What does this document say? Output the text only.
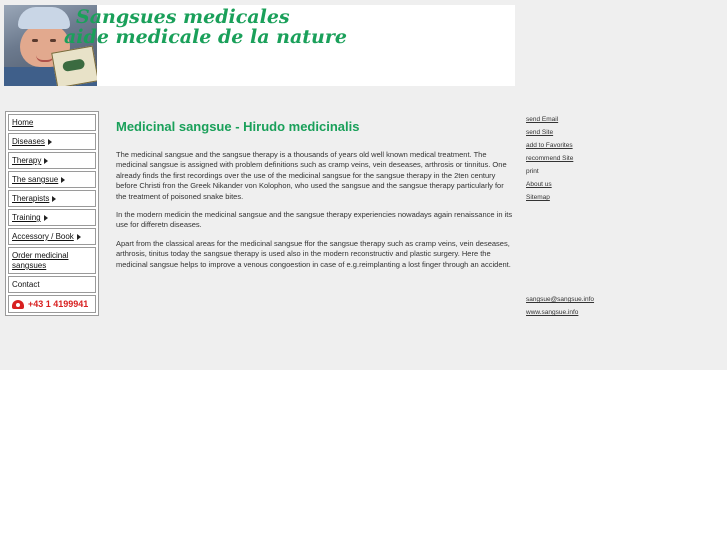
Sangsues medicales
aide medicale de la nature
Home
Diseases
Therapy
The sangsue
Therapists
Training
Accessory / Book
Order medicinal sangsues
Contact
+43 1 4199941
Medicinal sangsue - Hirudo medicinalis

The medicinal sangsue and the sangsue therapy is a thousands of years old well known medical treatment. The medicinal sangsue is assigned with problem definitions such as cramp veins, vein deseases, arthrosis or tinnitus. One already finds the first recordings over the use of the medicinal sangsue for the sangsue therapy in the 2ten century before Christi fron the Greek Nikander von Kolophon, who used the sangsue and the sangsue therapy particularly for the treatment of poisoned snake bites.

In the modern medicin the medicinal sangsue and the sangsue therapy experiencies nowadays again renaissance in its use for differetn diseases.

Apart from the classical areas for the medicinal sangsue ffor the sangsue therapy such as cramp veins, vein deseases, arthrosis, tinitus today the sangsue therapy is used also in the modern reconstructiv and plastic surgery. Here the medicinal sangsue helps to improve a venous congoestion in case of e.g.reimplanting a lost finger through an accident.

send Email
send Site
add to Favorites
recommend Site
print
About us
Sitemap
sangsue@sangsue.info
www.sangsue.info
